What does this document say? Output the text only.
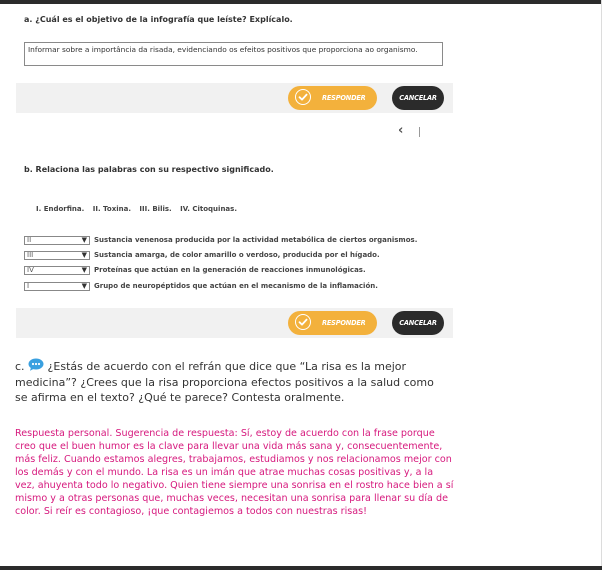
a. ¿Cuál es el objetivo de la infografía que leíste? Explícalo.
Informar sobre a importância da risada, evidenciando os efeitos positivos que proporciona ao organismo.
RESPONDER	CANCELAR
‹
b. Relaciona las palabras con su respectivo significado.
I. Endorfina. II. Toxina. III. Bilis. IV. Citoquinas.
II	▼ Sustancia venenosa producida por la actividad metabólica de ciertos organismos.
III	▼ Sustancia amarga, de color amarillo o verdoso, producida por el hígado.
IV	▼ Proteínas que actúan en la generación de reacciones inmunológicas.
I	▼ Grupo de neuropéptidos que actúan en el mecanismo de la inflamación.
RESPONDER	CANCELAR
c. ¿Estás de acuerdo con el refrán que dice que “La risa es la mejor medicina”? ¿Crees que la risa proporciona efectos positivos a la salud como se afirma en el texto? ¿Qué te parece? Contesta oralmente.
Respuesta personal. Sugerencia de respuesta: Sí, estoy de acuerdo con la frase porque creo que el buen humor es la clave para llevar una vida más sana y, consecuentemente, más feliz. Cuando estamos alegres, trabajamos, estudiamos y nos relacionamos mejor con los demás y con el mundo. La risa es un imán que atrae muchas cosas positivas y, a la vez, ahuyenta todo lo negativo. Quien tiene siempre una sonrisa en el rostro hace bien a sí mismo y a otras personas que, muchas veces, necesitan una sonrisa para llenar su día de color. Si reír es contagioso, ¡que contagiemos a todos con nuestras risas!
